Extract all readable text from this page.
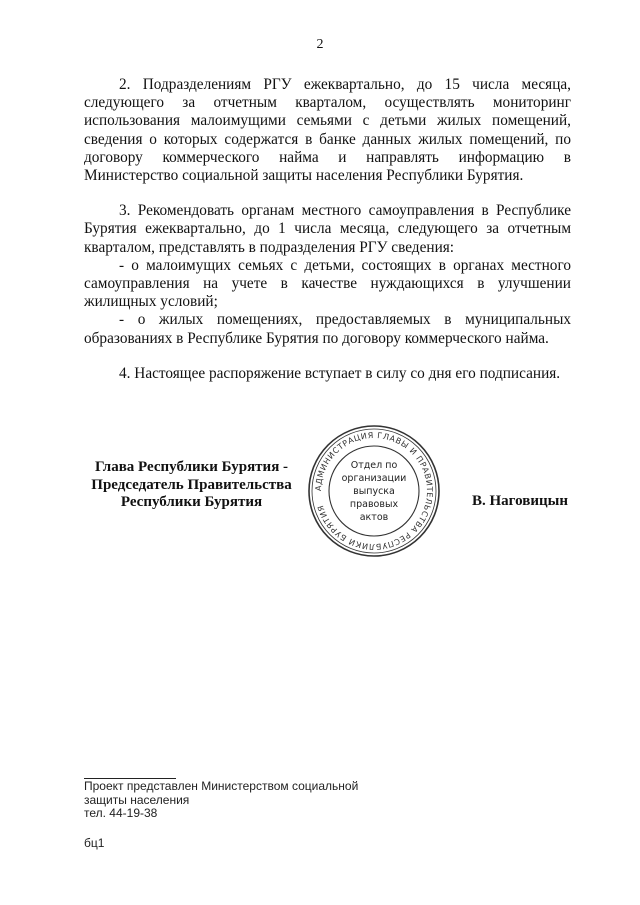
2

2. Подразделениям РГУ ежеквартально, до 15 числа месяца, следующего за отчетным кварталом, осуществлять мониторинг использования малоимущими семьями с детьми жилых помещений, сведения о которых содержатся в банке данных жилых помещений, по договору коммерческого найма и направлять информацию в Министерство социальной защиты населения Республики Бурятия.

3. Рекомендовать органам местного самоуправления в Республике Бурятия ежеквартально, до 1 числа месяца, следующего за отчетным кварталом, представлять в подразделения РГУ сведения:

- о малоимущих семьях с детьми, состоящих в органах местного самоуправления на учете в качестве нуждающихся в улучшении жилищных условий;

- о жилых помещениях, предоставляемых в муниципальных образованиях в Республике Бурятия по договору коммерческого найма.

4. Настоящее распоряжение вступает в силу со дня его подписания.

Глава Республики Бурятия -
Председатель Правительства
Республики Бурятия
АДМИНИСТРАЦИЯ ГЛАВЫ И ПРАВИТЕЛЬСТВА РЕСПУБЛИКИ БУРЯТИЯ
Отдел по
организации
выпуска
правовых
актов
В. Наговицын
Проект представлен Министерством социальной
защиты населения
тел. 44-19-38
бц1
